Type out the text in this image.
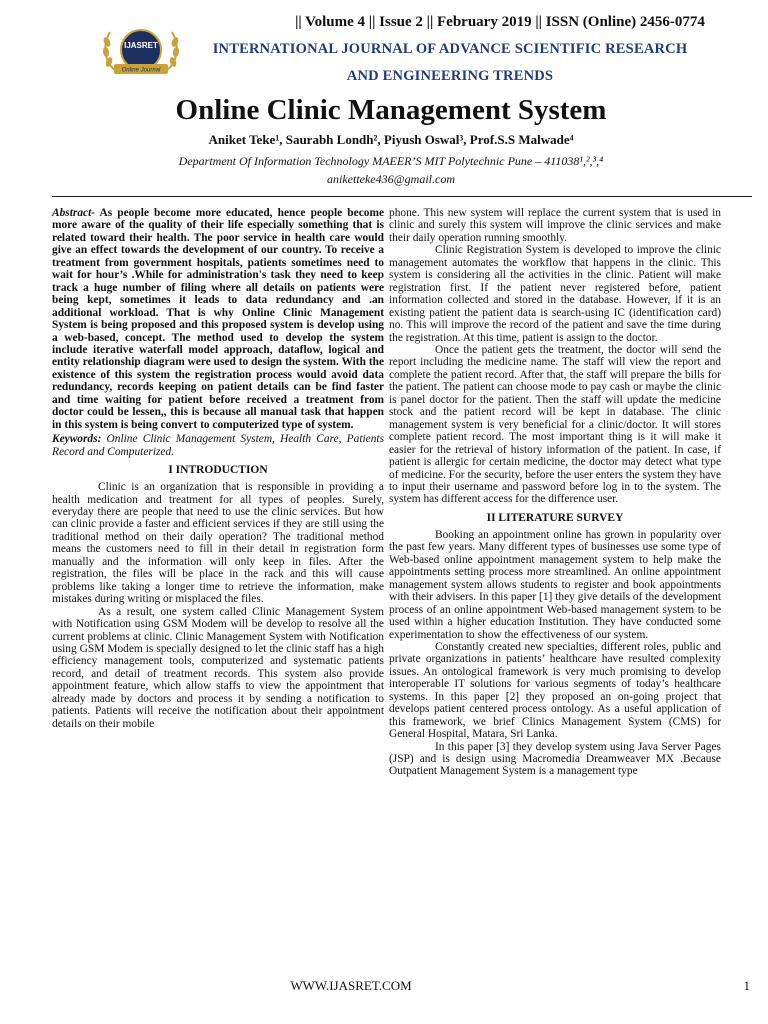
|| Volume 4 || Issue 2 || February 2019 || ISSN (Online) 2456-0774
IJASRET
Online Journal
INTERNATIONAL JOURNAL OF ADVANCE SCIENTIFIC RESEARCH
AND ENGINEERING TRENDS
Online Clinic Management System
Aniket Teke¹, Saurabh Londh², Piyush Oswal³, Prof.S.S Malwade⁴
Department Of Information Technology MAEER’S MIT Polytechnic Pune – 411038¹,²,³,⁴
aniketteke436@gmail.com

Abstract- As people become more educated, hence people become more aware of the quality of their life especially something that is related toward their health. The poor service in health care would give an effect towards the development of our country. To receive a treatment from government hospitals, patients sometimes need to wait for hour’s .While for administration's task they need to keep track a huge number of filing where all details on patients were being kept, sometimes it leads to data redundancy and .an additional workload. That is why Online Clinic Management System is being proposed and this proposed system is develop using a web-based, concept. The method used to develop the system include iterative waterfall model approach, dataflow, logical and entity relationship diagram were used to design the system. With the existence of this system the registration process would avoid data redundancy, records keeping on patient details can be find faster and time waiting for patient before received a treatment from doctor could be lessen,, this is because all manual task that happen in this system is being convert to computerized type of system.

Keywords: Online Clinic Management System, Health Care, Patients Record and Computerized.

I INTRODUCTION

Clinic is an organization that is responsible in providing a health medication and treatment for all types of peoples. Surely, everyday there are people that need to use the clinic services. But how can clinic provide a faster and efficient services if they are still using the traditional method on their daily operation? The traditional method means the customers need to fill in their detail in registration form manually and the information will only keep in files. After the registration, the files will be place in the rack and this will cause problems like taking a longer time to retrieve the information, make mistakes during writing or misplaced the files.

As a result, one system called Clinic Management System with Notification using GSM Modem will be develop to resolve all the current problems at clinic. Clinic Management System with Notification using GSM Modem is specially designed to let the clinic staff has a high efficiency management tools, computerized and systematic patients record, and detail of treatment records. This system also provide appointment feature, which allow staffs to view the appointment that already made by doctors and process it by sending a notification to patients. Patients will receive the notification about their appointment details on their mobile

phone. This new system will replace the current system that is used in clinic and surely this system will improve the clinic services and make their daily operation running smoothly.

Clinic Registration System is developed to improve the clinic management automates the workflow that happens in the clinic. This system is considering all the activities in the clinic. Patient will make registration first. If the patient never registered before, patient information collected and stored in the database. However, if it is an existing patient the patient data is search-using IC (identification card) no. This will improve the record of the patient and save the time during the registration. At this time, patient is assign to the doctor.

Once the patient gets the treatment, the doctor will send the report including the medicine name. The staff will view the report and complete the patient record. After that, the staff will prepare the bills for the patient. The patient can choose mode to pay cash or maybe the clinic is panel doctor for the patient. Then the staff will update the medicine stock and the patient record will be kept in database. The clinic management system is very beneficial for a clinic/doctor. It will stores complete patient record. The most important thing is it will make it easier for the retrieval of history information of the patient. In case, if patient is allergic for certain medicine, the doctor may detect what type of medicine. For the security, before the user enters the system they have to input their username and password before log in to the system. The system has different access for the difference user.

II LITERATURE SURVEY

Booking an appointment online has grown in popularity over the past few years. Many different types of businesses use some type of Web-based online appointment management system to help make the appointments setting process more streamlined. An online appointment management system allows students to register and book appointments with their advisers. In this paper [1] they give details of the development process of an online appointment Web-based management system to be used within a higher education Institution. They have conducted some experimentation to show the effectiveness of our system.

Constantly created new specialties, different roles, public and private organizations in patients’ healthcare have resulted complexity issues. An ontological framework is very much promising to develop interoperable IT solutions for various segments of today’s healthcare systems. In this paper [2] they proposed an on-going project that develops patient centered process ontology. As a useful application of this framework, we brief Clinics Management System (CMS) for General Hospital, Matara, Sri Lanka.

In this paper [3] they develop system using Java Server Pages (JSP) and is design using Macromedia Dreamweaver MX .Because Outpatient Management System is a management type

WWW.IJASRET.COM	1
